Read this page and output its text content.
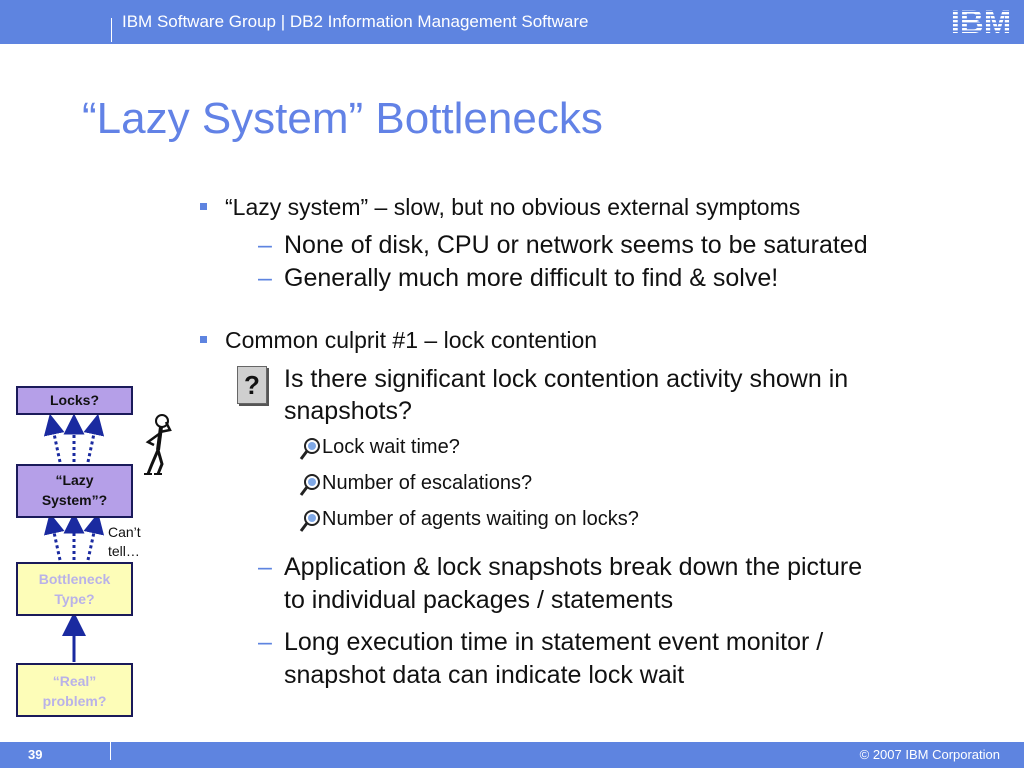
IBM Software Group | DB2 Information Management Software	IBM
“Lazy System” Bottlenecks
“Lazy system” – slow, but no obvious external symptoms
– None of disk, CPU or network seems to be saturated
– Generally much more difficult to find & solve!
Common culprit #1 – lock contention
? Is there significant lock contention activity shown in
snapshots?
Lock wait time?
Number of escalations?
Number of agents waiting on locks?
– Application & lock snapshots break down the picture
to individual packages / statements
– Long execution time in statement event monitor /
snapshot data can indicate lock wait
Locks?
“Lazy
System”?
Can’t
tell…
Bottleneck
Type?
“Real”
problem?
39	© 2007 IBM Corporation
